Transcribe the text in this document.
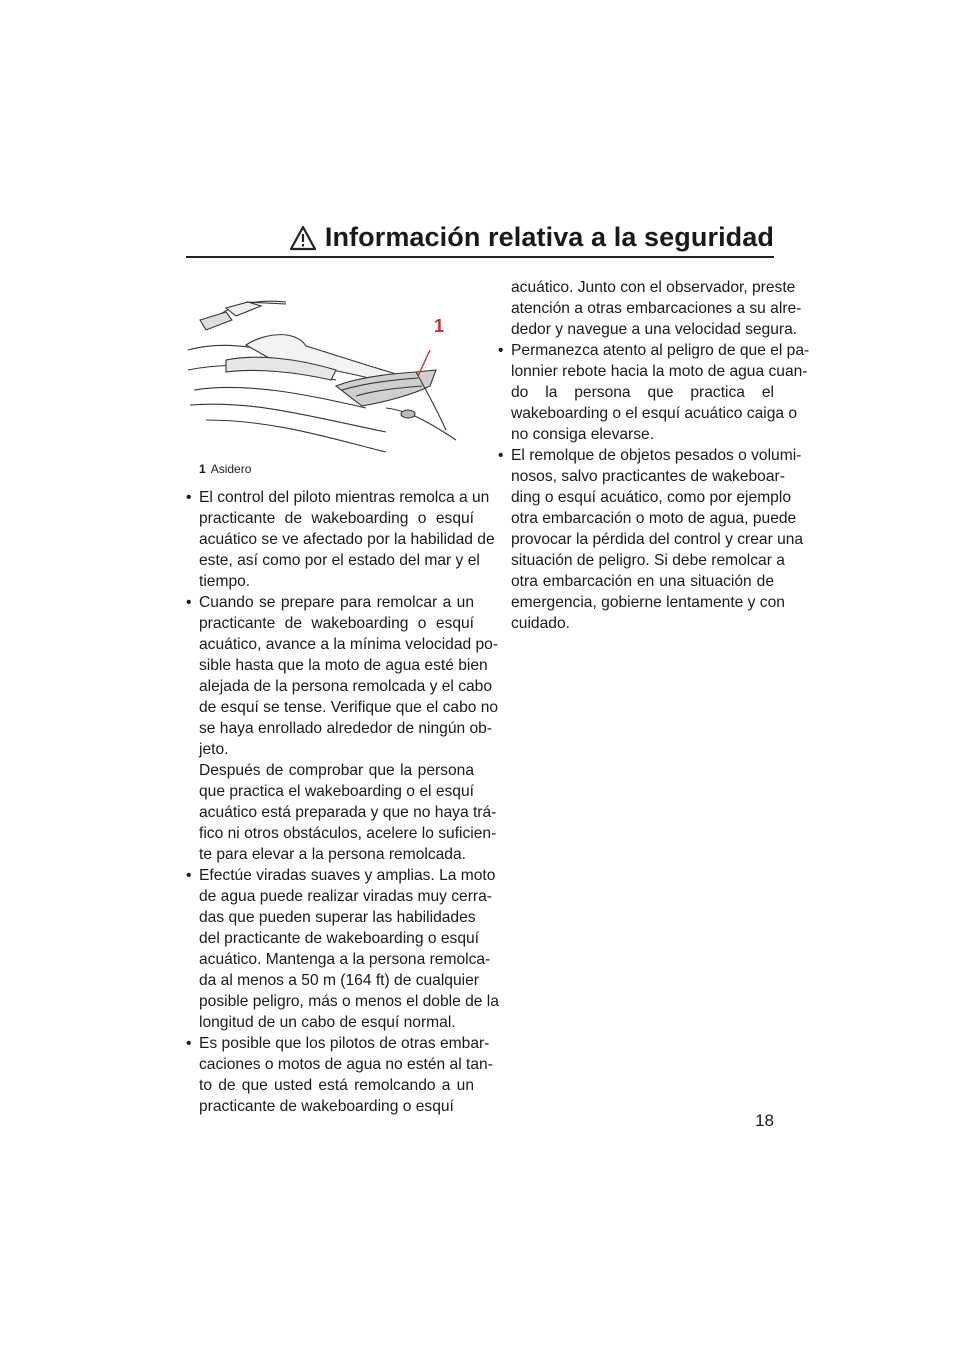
Información relativa a la seguridad
1
1 Asidero
• El control del piloto mientras remolca a un
practicante de wakeboarding o esquí
acuático se ve afectado por la habilidad de
este, así como por el estado del mar y el
tiempo.
• Cuando se prepare para remolcar a un
practicante de wakeboarding o esquí
acuático, avance a la mínima velocidad po-
sible hasta que la moto de agua esté bien
alejada de la persona remolcada y el cabo
de esquí se tense. Verifique que el cabo no
se haya enrollado alrededor de ningún ob-
jeto.
Después de comprobar que la persona
que practica el wakeboarding o el esquí
acuático está preparada y que no haya trá-
fico ni otros obstáculos, acelere lo suficien-
te para elevar a la persona remolcada.
• Efectúe viradas suaves y amplias. La moto
de agua puede realizar viradas muy cerra-
das que pueden superar las habilidades
del practicante de wakeboarding o esquí
acuático. Mantenga a la persona remolca-
da al menos a 50 m (164 ft) de cualquier
posible peligro, más o menos el doble de la
longitud de un cabo de esquí normal.
• Es posible que los pilotos de otras embar-
caciones o motos de agua no estén al tan-
to de que usted está remolcando a un
practicante de wakeboarding o esquí
acuático. Junto con el observador, preste
atención a otras embarcaciones a su alre-
dedor y navegue a una velocidad segura.
• Permanezca atento al peligro de que el pa-
lonnier rebote hacia la moto de agua cuan-
do la persona que practica el
wakeboarding o el esquí acuático caiga o
no consiga elevarse.
• El remolque de objetos pesados o volumi-
nosos, salvo practicantes de wakeboar-
ding o esquí acuático, como por ejemplo
otra embarcación o moto de agua, puede
provocar la pérdida del control y crear una
situación de peligro. Si debe remolcar a
otra embarcación en una situación de
emergencia, gobierne lentamente y con
cuidado.
18
